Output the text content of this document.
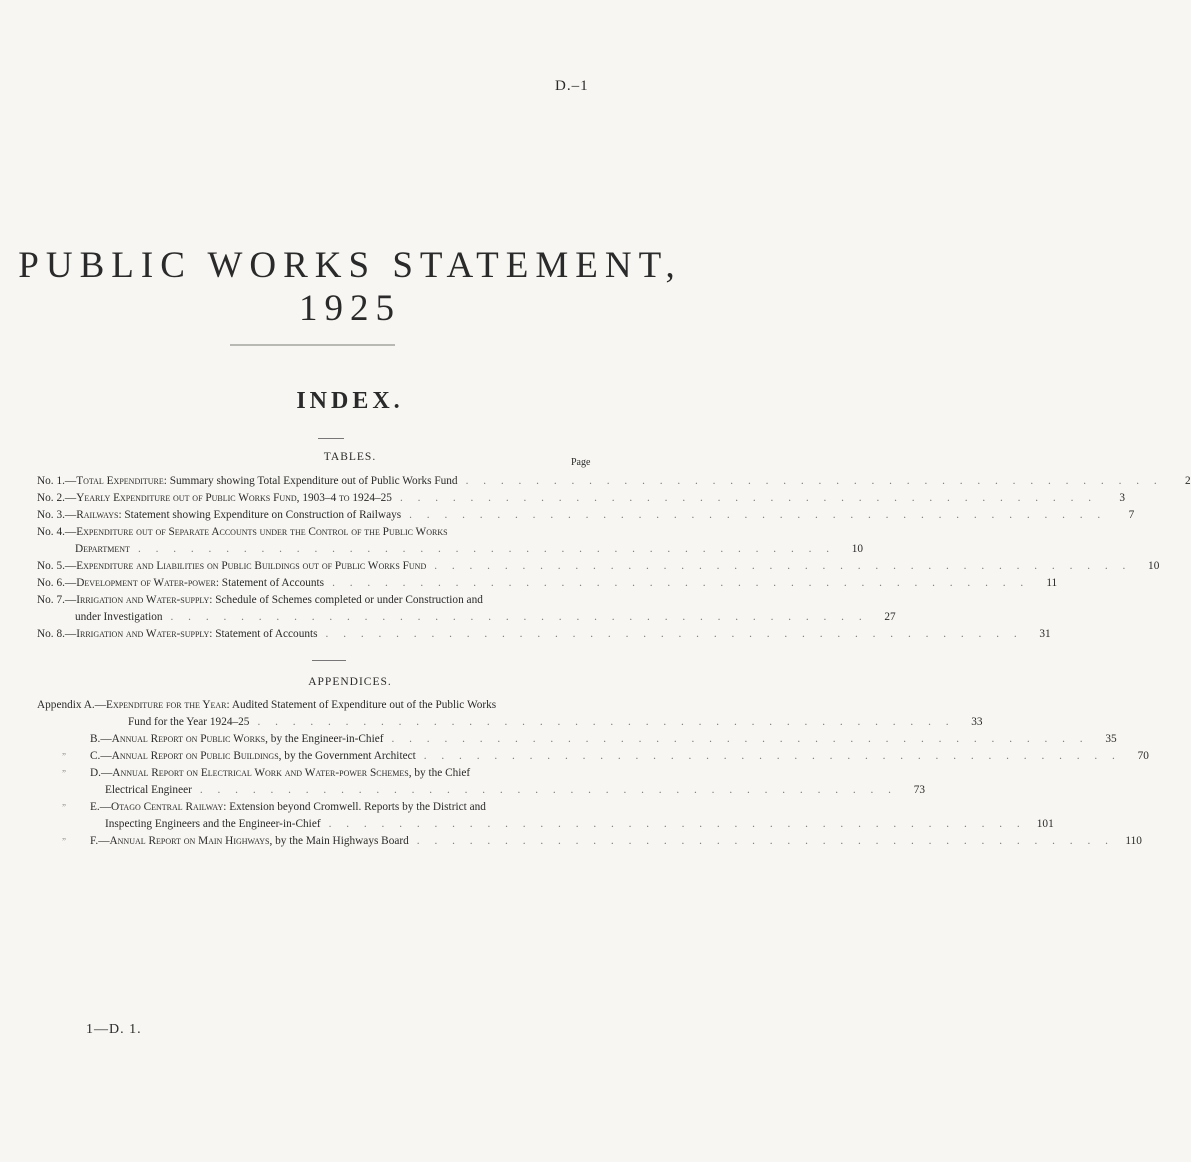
D.–1
PUBLIC WORKS STATEMENT, 1925
INDEX.
TABLES.	Page
No. 1.— Total Expenditure : Summary showing Total Expenditure out of Public Works Fund . . . . . . . . . . . . . . . . . . . . . . . . . . . . . . . . . . . . . . . .	2
No. 2.— Yearly Expenditure out of Public Works Fund, 1903–4 to 1924–25 . . . . . . . . . . . . . . . . . . . . . . . . . . . . . . . . . . . . . . . .	3
No. 3.— Railways : Statement showing Expenditure on Construction of Railways . . . . . . . . . . . . . . . . . . . . . . . . . . . . . . . . . . . . . . . .	7
No. 4.—Expenditure out of Separate Accounts under the Control of the Public Works
Department . . . . . . . . . . . . . . . . . . . . . . . . . . . . . . . . . . . . . . . .	10
No. 5.— Expenditure and Liabilities on Public Buildings out of Public Works Fund . . . . . . . . . . . . . . . . . . . . . . . . . . . . . . . . . . . . . . . .	10
No. 6.— Development of Water-power : Statement of Accounts . . . . . . . . . . . . . . . . . . . . . . . . . . . . . . . . . . . . . . . .	11
No. 7.— Irrigation and Water-supply : Schedule of Schemes completed or under Construction and
under Investigation . . . . . . . . . . . . . . . . . . . . . . . . . . . . . . . . . . . . . . . .	27
No. 8.— Irrigation and Water-supply : Statement of Accounts . . . . . . . . . . . . . . . . . . . . . . . . . . . . . . . . . . . . . . . .	31
APPENDICES.
Appendix A.— Expenditure for the Year : Audited Statement of Expenditure out of the Public Works
Fund for the Year 1924–25 . . . . . . . . . . . . . . . . . . . . . . . . . . . . . . . . . . . . . . . .	33
B.— Annual Report on Public Works , by the Engineer-in-Chief . . . . . . . . . . . . . . . . . . . . . . . . . . . . . . . . . . . . . . . .	35
„ C.— Annual Report on Public Buildings , by the Government Architect . . . . . . . . . . . . . . . . . . . . . . . . . . . . . . . . . . . . . . . .	70
„ D.— Annual Report on Electrical Work and Water-power Schemes , by the Chief
Electrical Engineer . . . . . . . . . . . . . . . . . . . . . . . . . . . . . . . . . . . . . . . .	73
„ E.— Otago Central Railway : Extension beyond Cromwell. Reports by the District and
Inspecting Engineers and the Engineer-in-Chief . . . . . . . . . . . . . . . . . . . . . . . . . . . . . . . . . . . . . . . . 101
„ F.— Annual Report on Main Highways , by the Main Highways Board . . . . . . . . . . . . . . . . . . . . . . . . . . . . . . . . . . . . . . . .	110
1—D. 1.
